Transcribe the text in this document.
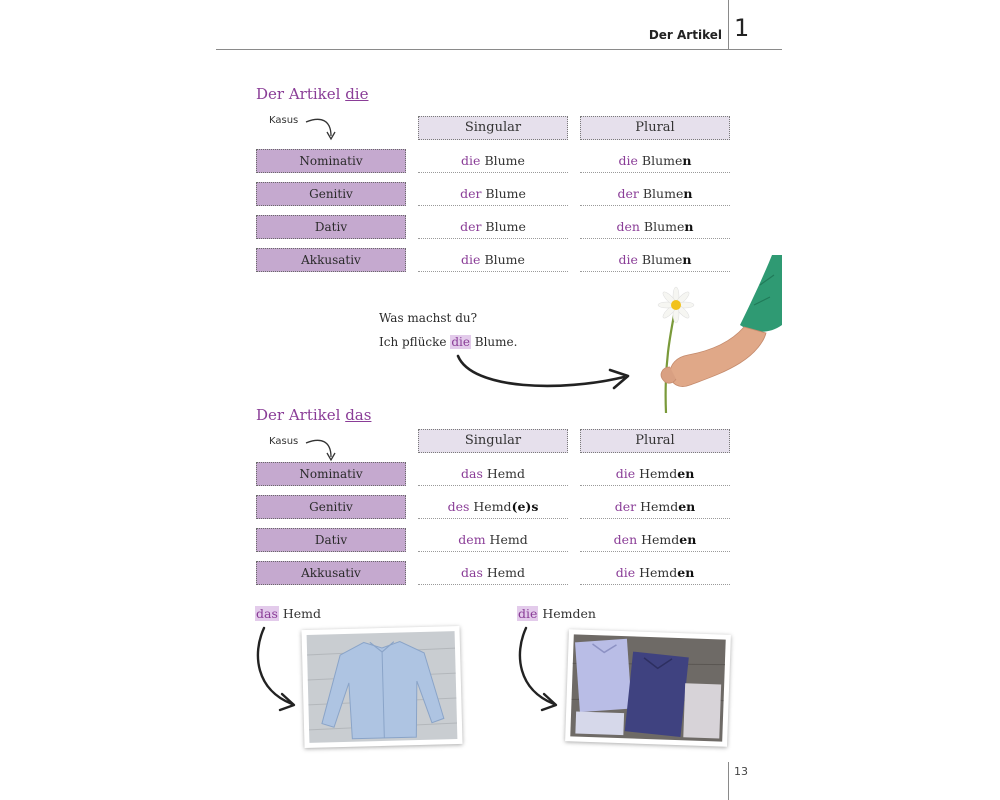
Der Artikel 1
Der Artikel die
Kasus	Singular	Plural
Nominativ	die Blume	die Blumen
Genitiv	der Blume	der Blumen
Dativ	der Blume	den Blumen
Akkusativ	die Blume	die Blumen
Was machst du?
Ich pflücke die Blume.
Der Artikel das
Kasus	Singular	Plural
Nominativ	das Hemd	die Hemden
Genitiv	des Hemd(e)s	der Hemden
Dativ	dem Hemd	den Hemden
Akkusativ	das Hemd	die Hemden
das Hemd	die Hemden
13
